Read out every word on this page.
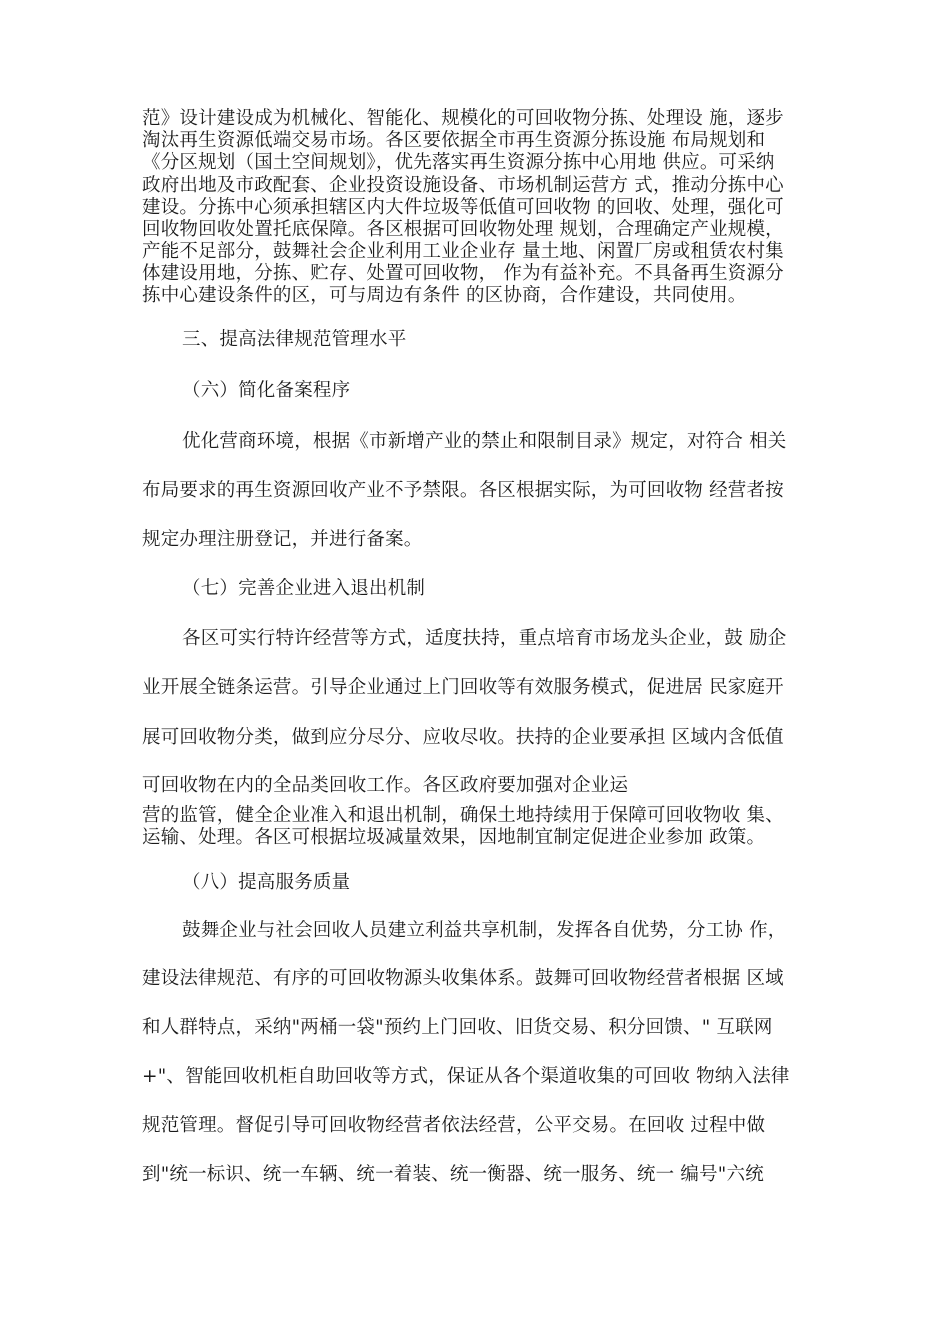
范》设计建设成为机械化、智能化、规模化的可回收物分拣、处理设 施，逐步
淘汰再生资源低端交易市场。各区要依据全市再生资源分拣设施 布局规划和
《分区规划（国土空间规划》，优先落实再生资源分拣中心用地 供应。可采纳
政府出地及市政配套、企业投资设施设备、市场机制运营方 式，推动分拣中心
建设。分拣中心须承担辖区内大件垃圾等低值可回收物 的回收、处理，强化可
回收物回收处置托底保障。各区根据可回收物处理 规划，合理确定产业规模，
产能不足部分，鼓舞社会企业利用工业企业存 量土地、闲置厂房或租赁农村集
体建设用地，分拣、贮存、处置可回收物， 作为有益补充。不具备再生资源分
拣中心建设条件的区，可与周边有条件 的区协商，合作建设，共同使用。
三、提高法律规范管理水平
（六）简化备案程序
优化营商环境，根据《市新增产业的禁止和限制目录》规定，对符合 相关
布局要求的再生资源回收产业不予禁限。各区根据实际，为可回收物 经营者按
规定办理注册登记，并进行备案。
（七）完善企业进入退出机制
各区可实行特许经营等方式，适度扶持，重点培育市场龙头企业，鼓 励企
业开展全链条运营。引导企业通过上门回收等有效服务模式，促进居 民家庭开
展可回收物分类，做到应分尽分、应收尽收。扶持的企业要承担 区域内含低值
可回收物在内的全品类回收工作。各区政府要加强对企业运
营的监管，健全企业准入和退出机制，确保土地持续用于保障可回收物收 集、
运输、处理。各区可根据垃圾减量效果，因地制宜制定促进企业参加 政策。
（八）提高服务质量
鼓舞企业与社会回收人员建立利益共享机制，发挥各自优势，分工协 作，
建设法律规范、有序的可回收物源头收集体系。鼓舞可回收物经营者根据 区域
和人群特点，采纳"两桶一袋"预约上门回收、旧货交易、积分回馈、" 互联网
+"、智能回收机柜自助回收等方式，保证从各个渠道收集的可回收 物纳入法律
规范管理。督促引导可回收物经营者依法经营，公平交易。在回收 过程中做
到"统一标识、统一车辆、统一着装、统一衡器、统一服务、统一 编号"六统
